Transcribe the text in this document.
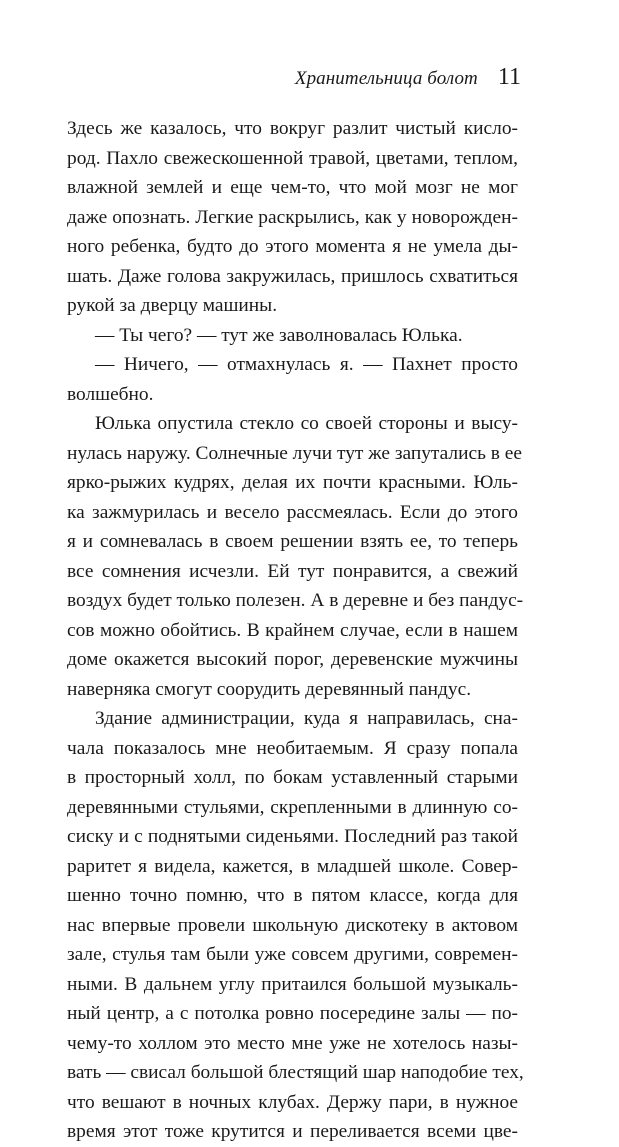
Хранительница болот 11
Здесь же казалось, что вокруг разлит чистый кисло-
род. Пахло свежескошенной травой, цветами, теплом,
влажной землей и еще чем-то, что мой мозг не мог
даже опознать. Легкие раскрылись, как у новорожден-
ного ребенка, будто до этого момента я не умела ды-
шать. Даже голова закружилась, пришлось схватиться
рукой за дверцу машины.
— Ты чего? — тут же заволновалась Юлька.
— Ничего, — отмахнулась я. — Пахнет просто
волшебно.
Юлька опустила стекло со своей стороны и высу-
нулась наружу. Солнечные лучи тут же запутались в ее
ярко-рыжих кудрях, делая их почти красными. Юль-
ка зажмурилась и весело рассмеялась. Если до этого
я и сомневалась в своем решении взять ее, то теперь
все сомнения исчезли. Ей тут понравится, а свежий
воздух будет только полезен. А в деревне и без пандус-
сов можно обойтись. В крайнем случае, если в нашем
доме окажется высокий порог, деревенские мужчины
наверняка смогут соорудить деревянный пандус.
Здание администрации, куда я направилась, сна-
чала показалось мне необитаемым. Я сразу попала
в просторный холл, по бокам уставленный старыми
деревянными стульями, скрепленными в длинную со-
сиску и с поднятыми сиденьями. Последний раз такой
раритет я видела, кажется, в младшей школе. Совер-
шенно точно помню, что в пятом классе, когда для
нас впервые провели школьную дискотеку в актовом
зале, стулья там были уже совсем другими, современ-
ными. В дальнем углу притаился большой музыкаль-
ный центр, а с потолка ровно посередине залы — по-
чему-то холлом это место мне уже не хотелось назы-
вать — свисал большой блестящий шар наподобие тех,
что вешают в ночных клубах. Держу пари, в нужное
время этот тоже крутится и переливается всеми цве-
